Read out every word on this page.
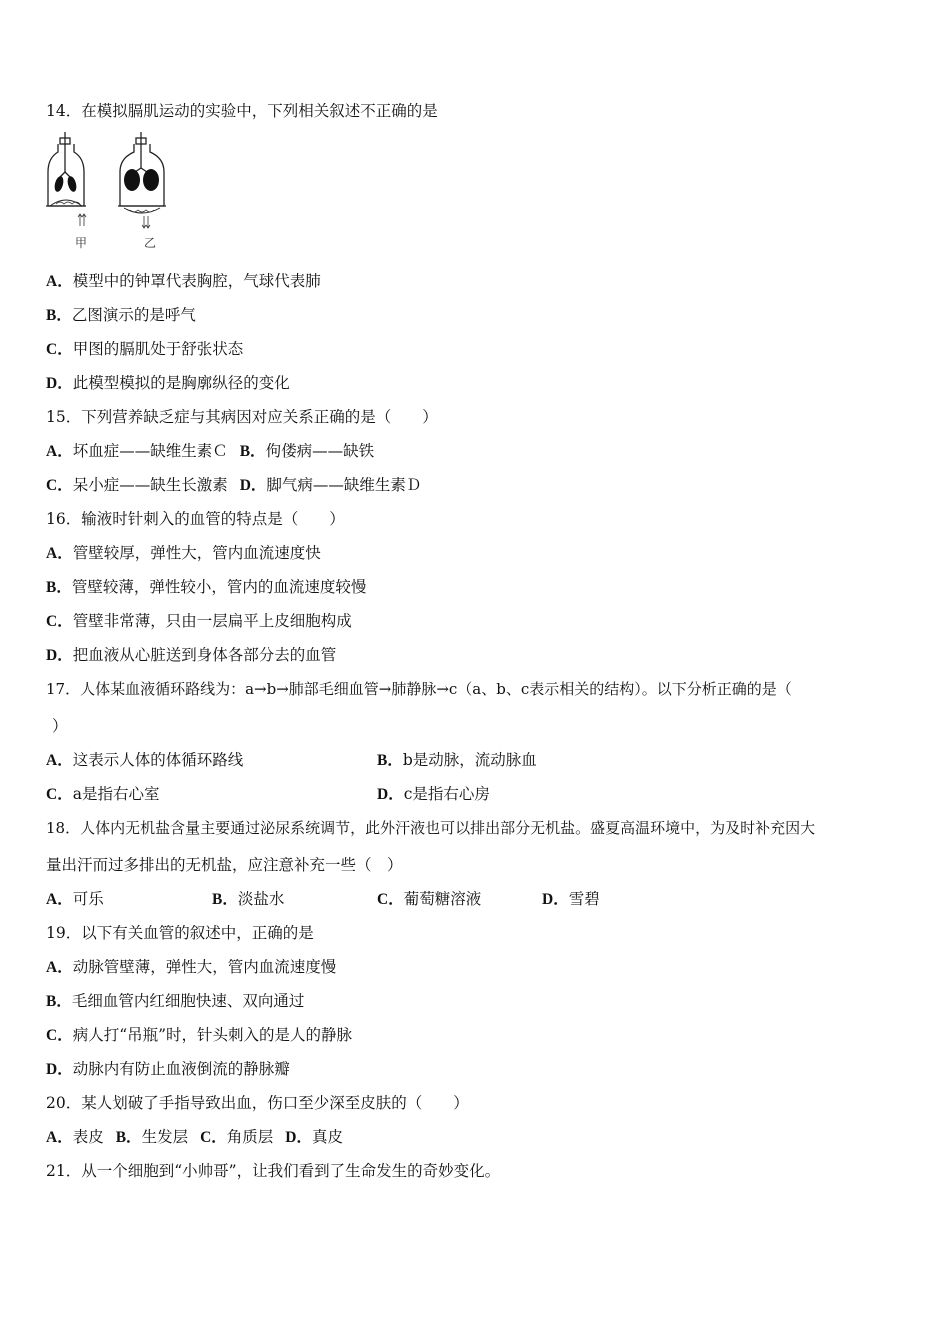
14．在模拟膈肌运动的实验中，下列相关叙述不正确的是
甲	乙
A．模型中的钟罩代表胸腔，气球代表肺
B．乙图演示的是呼气
C．甲图的膈肌处于舒张状态
D．此模型模拟的是胸廓纵径的变化
15．下列营养缺乏症与其病因对应关系正确的是（　　）
A．坏血症——缺维生素Ｃ B．佝偻病——缺铁
C．呆小症——缺生长激素 D．脚气病——缺维生素Ｄ
16．输液时针刺入的血管的特点是（　　）
A．管壁较厚，弹性大，管内血流速度快
B．管壁较薄，弹性较小，管内的血流速度较慢
C．管壁非常薄，只由一层扁平上皮细胞构成
D．把血液从心脏送到身体各部分去的血管
17．人体某血液循环路线为：a→b→肺部毛细血管→肺静脉→c（a、b、c表示相关的结构）。以下分析正确的是（
）
A．这表示人体的体循环路线	B．b是动脉，流动脉血
C．a是指右心室	D．c是指右心房
18．人体内无机盐含量主要通过泌尿系统调节，此外汗液也可以排出部分无机盐。盛夏高温环境中，为及时补充因大
量出汗而过多排出的无机盐，应注意补充一些（　）
A．可乐	B．淡盐水	C．葡萄糖溶液	D．雪碧
19．以下有关血管的叙述中，正确的是
A．动脉管壁薄，弹性大，管内血流速度慢
B．毛细血管内红细胞快速、双向通过
C．病人打“吊瓶”时，针头刺入的是人的静脉
D．动脉内有防止血液倒流的静脉瓣
20．某人划破了手指导致出血，伤口至少深至皮肤的（　　）
A．表皮 B．生发层 C．角质层 D．真皮
21．从一个细胞到“小帅哥”，让我们看到了生命发生的奇妙变化。
